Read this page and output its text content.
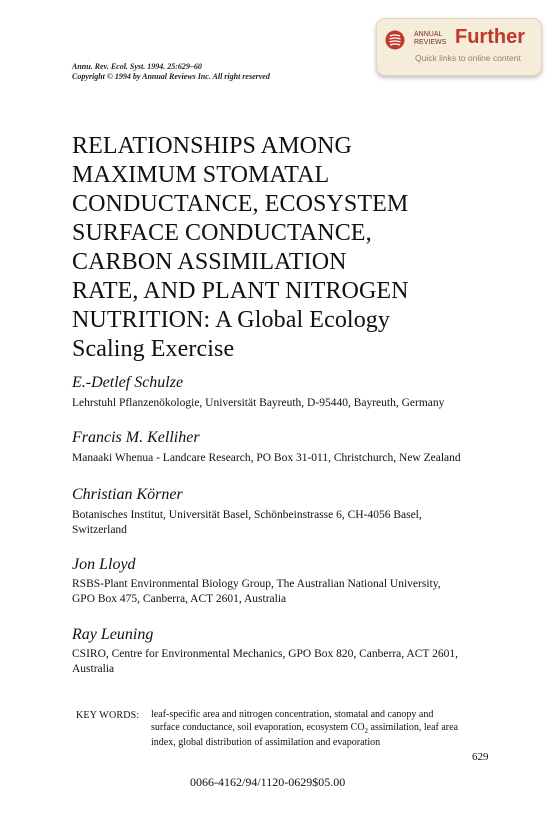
ANNUAL
REVIEWS Further
Quick links to online content
Annu. Rev. Ecol. Syst. 1994. 25:629–60
Copyright © 1994 by Annual Reviews Inc. All right reserved
RELATIONSHIPS AMONG
MAXIMUM STOMATAL
CONDUCTANCE, ECOSYSTEM
SURFACE CONDUCTANCE,
CARBON ASSIMILATION
RATE, AND PLANT NITROGEN
NUTRITION: A Global Ecology
Scaling Exercise
E.-Detlef Schulze
Lehrstuhl Pflanzenökologie, Universität Bayreuth, D-95440, Bayreuth, Germany
Francis M. Kelliher
Manaaki Whenua - Landcare Research, PO Box 31-011, Christchurch, New Zealand
Christian Körner
Botanisches Institut, Universität Basel, Schönbeinstrasse 6, CH-4056 Basel,
Switzerland
Jon Lloyd
RSBS-Plant Environmental Biology Group, The Australian National University,
GPO Box 475, Canberra, ACT 2601, Australia
Ray Leuning
CSIRO, Centre for Environmental Mechanics, GPO Box 820, Canberra, ACT 2601,
Australia
KEY WORDS: leaf-specific area and nitrogen concentration, stomatal and canopy and
surface conductance, soil evaporation, ecosystem $CO_2$ assimilation, leaf area
index, global distribution of assimilation and evaporation
629
0066-4162/94/1120-0629$05.00
